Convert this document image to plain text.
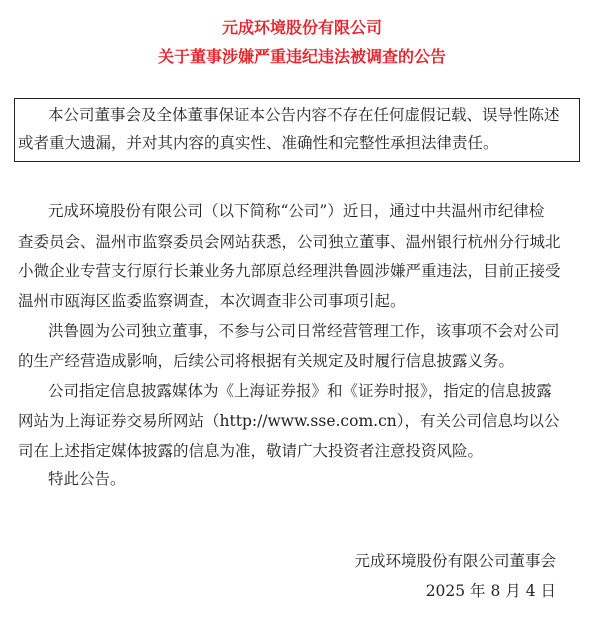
元成环境股份有限公司
关于董事涉嫌严重违纪违法被调查的公告
本公司董事会及全体董事保证本公告内容不存在任何虚假记载、误导性陈述
或者重大遗漏，并对其内容的真实性、准确性和完整性承担法律责任。
元成环境股份有限公司（以下简称“公司”）近日，通过中共温州市纪律检
查委员会、温州市监察委员会网站获悉，公司独立董事、温州银行杭州分行城北
小微企业专营支行原行长兼业务九部原总经理洪鲁圆涉嫌严重违法，目前正接受
温州市瓯海区监委监察调查，本次调查非公司事项引起。
洪鲁圆为公司独立董事，不参与公司日常经营管理工作，该事项不会对公司
的生产经营造成影响，后续公司将根据有关规定及时履行信息披露义务。
公司指定信息披露媒体为《上海证券报》和《证券时报》，指定的信息披露
网站为上海证券交易所网站（http://www.sse.com.cn），有关公司信息均以公
司在上述指定媒体披露的信息为准，敬请广大投资者注意投资风险。
特此公告。
元成环境股份有限公司董事会
2025 年 8 月 4 日
